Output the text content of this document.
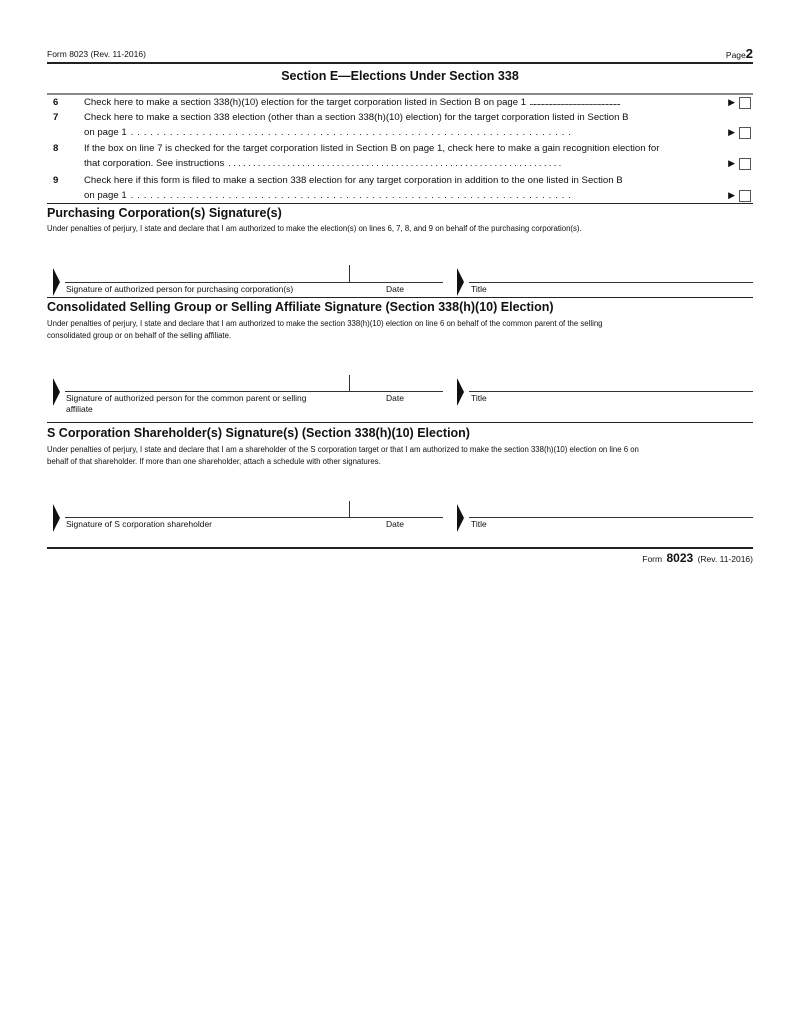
Form 8023 (Rev. 11-2016)	Page2
Section E—Elections Under Section 338
6	Check here to make a section 338(h)(10) election for the target corporation listed in Section B on page 1 . . . . . . . . . . . . . . . . . . . . . . . . . . . . . . . . . . . . . . . . . . . . . . . . . . . . . . . . . . . . . . . . . . . .	▶
7	Check here to make a section 338 election (other than a section 338(h)(10) election) for the target corporation listed in Section B
on page 1 . . . . . . . . . . . . . . . . . . . . . . . . . . . . . . . . . . . . . . . . . . . . . . . . . . . . . . . . . . . . . . . . . . . .	▶
8	If the box on line 7 is checked for the target corporation listed in Section B on page 1, check here to make a gain recognition election for
that corporation. See instructions . . . . . . . . . . . . . . . . . . . . . . . . . . . . . . . . . . . . . . . . . . . . . . . . . . . . . . . . . . . . . . . . . . . .	▶
9	Check here if this form is filed to make a section 338 election for any target corporation in addition to the one listed in Section B
on page 1 . . . . . . . . . . . . . . . . . . . . . . . . . . . . . . . . . . . . . . . . . . . . . . . . . . . . . . . . . . . . . . . . . . . .	▶
Purchasing Corporation(s) Signature(s)
Under penalties of perjury, I state and declare that I am authorized to make the election(s) on lines 6, 7, 8, and 9 on behalf of the purchasing corporation(s).
Signature of authorized person for purchasing corporation(s)	Date	Title
Consolidated Selling Group or Selling Affiliate Signature (Section 338(h)(10) Election)
Under penalties of perjury, I state and declare that I am authorized to make the section 338(h)(10) election on line 6 on behalf of the common parent of the selling
consolidated group or on behalf of the selling affiliate.
Signature of authorized person for the common parent or selling
affiliate
Date	Title
S Corporation Shareholder(s) Signature(s) (Section 338(h)(10) Election)
Under penalties of perjury, I state and declare that I am a shareholder of the S corporation target or that I am authorized to make the section 338(h)(10) election on line 6 on
behalf of that shareholder. If more than one shareholder, attach a schedule with other signatures.
Signature of S corporation shareholder	Date	Title
Form 8023 (Rev. 11-2016)
